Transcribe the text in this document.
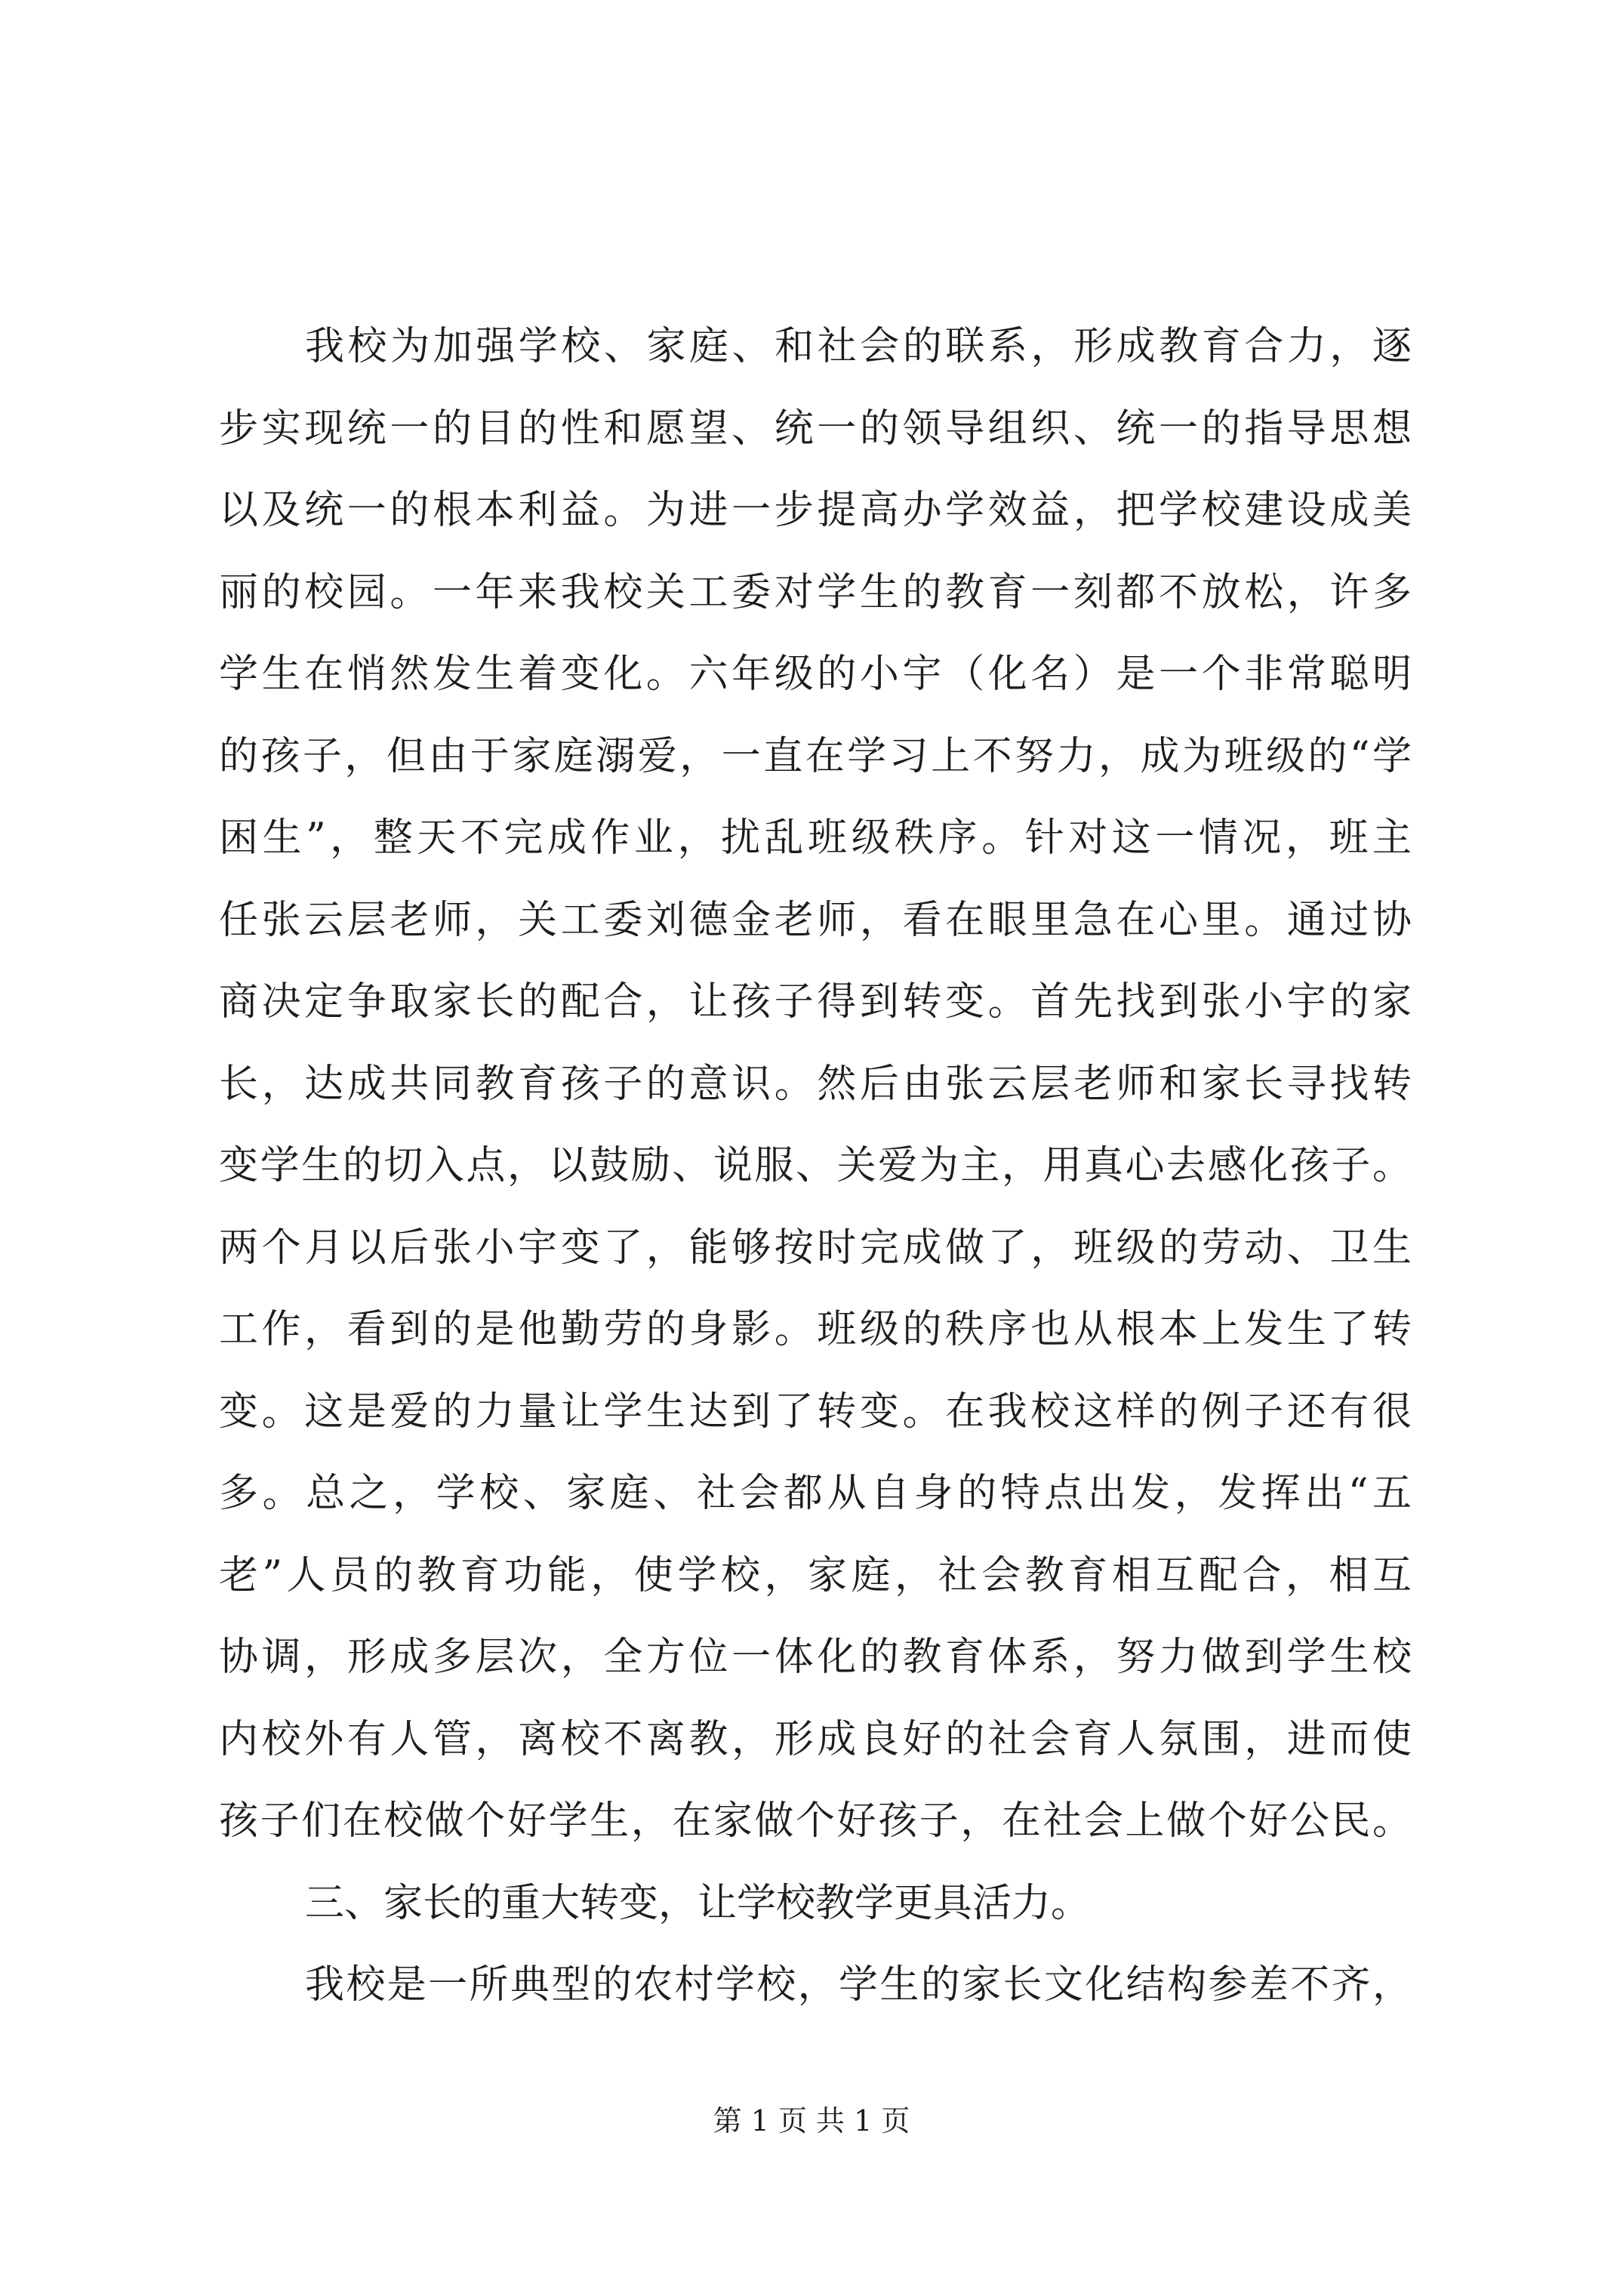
我校为加强学校、家庭、和社会的联系，形成教育合力，逐
步实现统一的目的性和愿望、统一的领导组织、统一的指导思想
以及统一的根本利益。为进一步提高办学效益，把学校建设成美
丽的校园。一年来我校关工委对学生的教育一刻都不放松，许多
学生在悄然发生着变化。六年级的小宇（化名）是一个非常聪明
的孩子，但由于家庭溺爱，一直在学习上不努力，成为班级的“学
困生”，整天不完成作业，扰乱班级秩序。针对这一情况，班主
任张云层老师，关工委刘德金老师，看在眼里急在心里。通过协
商决定争取家长的配合，让孩子得到转变。首先找到张小宇的家
长，达成共同教育孩子的意识。然后由张云层老师和家长寻找转
变学生的切入点，以鼓励、说服、关爱为主，用真心去感化孩子。
两个月以后张小宇变了，能够按时完成做了，班级的劳动、卫生
工作，看到的是他勤劳的身影。班级的秩序也从根本上发生了转
变。这是爱的力量让学生达到了转变。在我校这样的例子还有很
多。总之，学校、家庭、社会都从自身的特点出发，发挥出“五
老”人员的教育功能，使学校，家庭，社会教育相互配合，相互
协调，形成多层次，全方位一体化的教育体系，努力做到学生校
内校外有人管，离校不离教，形成良好的社会育人氛围，进而使
孩子们在校做个好学生，在家做个好孩子，在社会上做个好公民。
三、家长的重大转变，让学校教学更具活力。
我校是一所典型的农村学校，学生的家长文化结构参差不齐，
第 1 页 共 1 页
